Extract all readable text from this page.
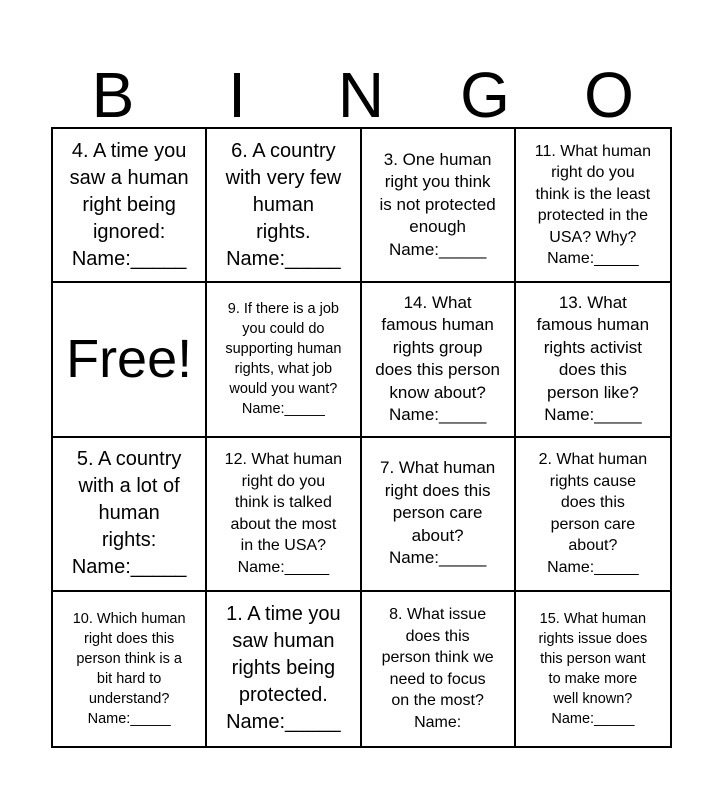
B	I	N	G	O
4. A time you
saw a human
right being
ignored:
Name:_____
6. A country
with very few
human
rights.
Name:_____
3. One human
right you think
is not protected
enough
Name:_____
11. What human
right do you
think is the least
protected in the
USA? Why?
Name:_____
Free!
9. If there is a job
you could do
supporting human
rights, what job
would you want?
Name:_____
14. What
famous human
rights group
does this person
know about?
Name:_____
13. What
famous human
rights activist
does this
person like?
Name:_____
5. A country
with a lot of
human
rights:
Name:_____
12. What human
right do you
think is talked
about the most
in the USA?
Name:_____
7. What human
right does this
person care
about?
Name:_____
2. What human
rights cause
does this
person care
about?
Name:_____
10. Which human
right does this
person think is a
bit hard to
understand?
Name:_____
1. A time you
saw human
rights being
protected.
Name:_____
8. What issue
does this
person think we
need to focus
on the most?
Name:
15. What human
rights issue does
this person want
to make more
well known?
Name:_____
